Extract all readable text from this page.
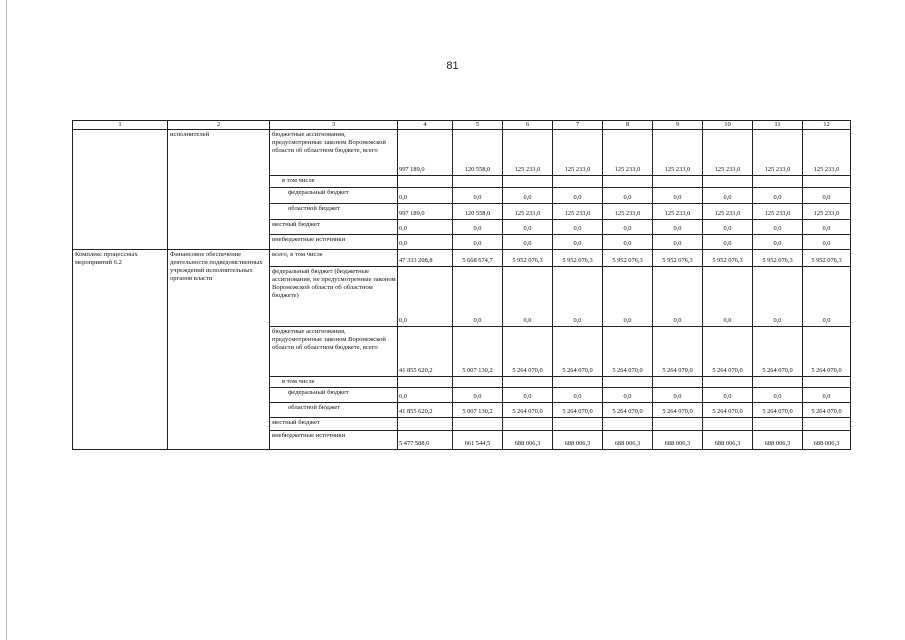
81
1	2	3	4	5	6	7	8	9	10	11	12
	исполнителей	бюджетные ассигнования, предусмотренные законом Воронежской области об областном бюджете, всего	997 189,0	120 558,0	125 233,0	125 233,0	125 233,0	125 233,0	125 233,0	125 233,0	125 233,0
		в том числе									
		федеральный бюджет	0,0	0,0	0,0	0,0	0,0	0,0	0,0	0,0	0,0
		областной бюджет	997 189,0	120 558,0	125 233,0	125 233,0	125 233,0	125 233,0	125 233,0	125 233,0	125 233,0
		местный бюджет	0,0	0,0	0,0	0,0	0,0	0,0	0,0	0,0	0,0
		внебюджетные источники	0,0	0,0	0,0	0,0	0,0	0,0	0,0	0,0	0,0
Комплекс процессных мероприятий 6.2	Финансовое обеспечение деятельности подведомственных учреждений исполнительных органов власти	всего, в том числе	47 333 208,8	5 668 674,7	5 952 076,3	5 952 076,3	5 952 076,3	5 952 076,3	5 952 076,3	5 952 076,3	5 952 076,3
		федеральный бюджет (бюджетные ассигнования, не предусмотренные законом Воронежской области об областном бюджете)	0,0	0,0	0,0	0,0	0,0	0,0	0,0	0,0	0,0
		бюджетные ассигнования, предусмотренные законом Воронежской области об областном бюджете, всего	41 855 620,2	5 007 130,2	5 264 070,0	5 264 070,0	5 264 070,0	5 264 070,0	5 264 070,0	5 264 070,0	5 264 070,0
		в том числе									
		федеральный бюджет	0,0	0,0	0,0	0,0	0,0	0,0	0,0	0,0	0,0
		областной бюджет	41 855 620,2	5 007 130,2	5 264 070,0	5 264 070,0	5 264 070,0	5 264 070,0	5 264 070,0	5 264 070,0	5 264 070,0
		местный бюджет									
		внебюджетные источники	5 477 588,6	661 544,5	688 006,3	688 006,3	688 006,3	688 006,3	688 006,3	688 006,3	688 006,3
